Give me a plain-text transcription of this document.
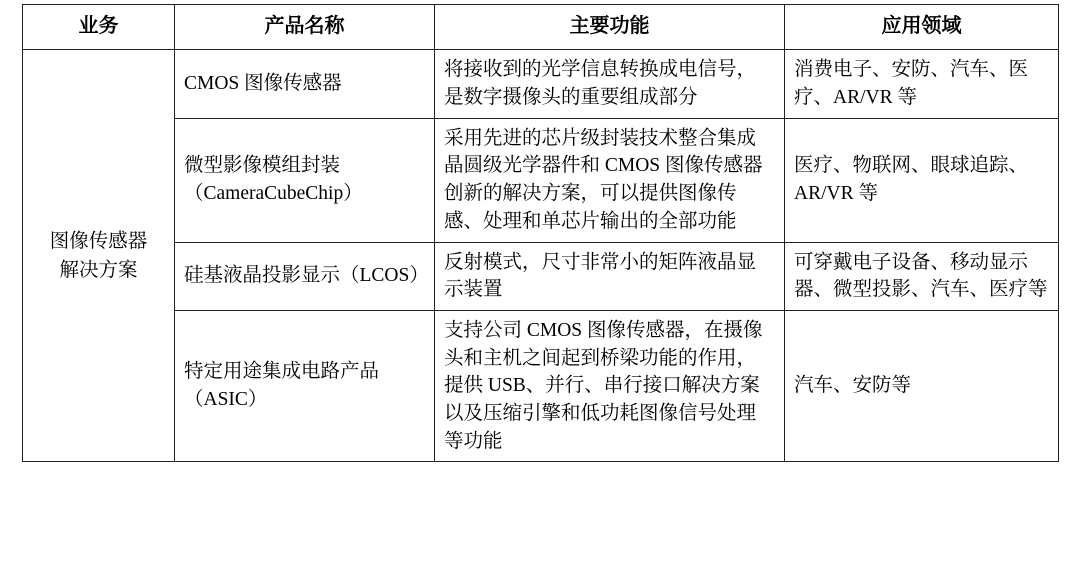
业务	产品名称	主要功能	应用领域

图像传感器
解决方案	CMOS 图像传感器	将接收到的光学信息转换成电信号，是数字摄像头的重要组成部分	消费电子、安防、汽车、医疗、AR/VR 等
	微型影像模组封装（CameraCubeChip）	采用先进的芯片级封装技术整合集成晶圆级光学器件和 CMOS 图像传感器创新的解决方案，可以提供图像传感、处理和单芯片输出的全部功能	医疗、物联网、眼球追踪、AR/VR 等
	硅基液晶投影显示（LCOS）	反射模式，尺寸非常小的矩阵液晶显示装置	可穿戴电子设备、移动显示器、微型投影、汽车、医疗等
	特定用途集成电路产品（ASIC）	支持公司 CMOS 图像传感器，在摄像头和主机之间起到桥梁功能的作用，提供 USB、并行、串行接口解决方案以及压缩引擎和低功耗图像信号处理等功能	汽车、安防等
